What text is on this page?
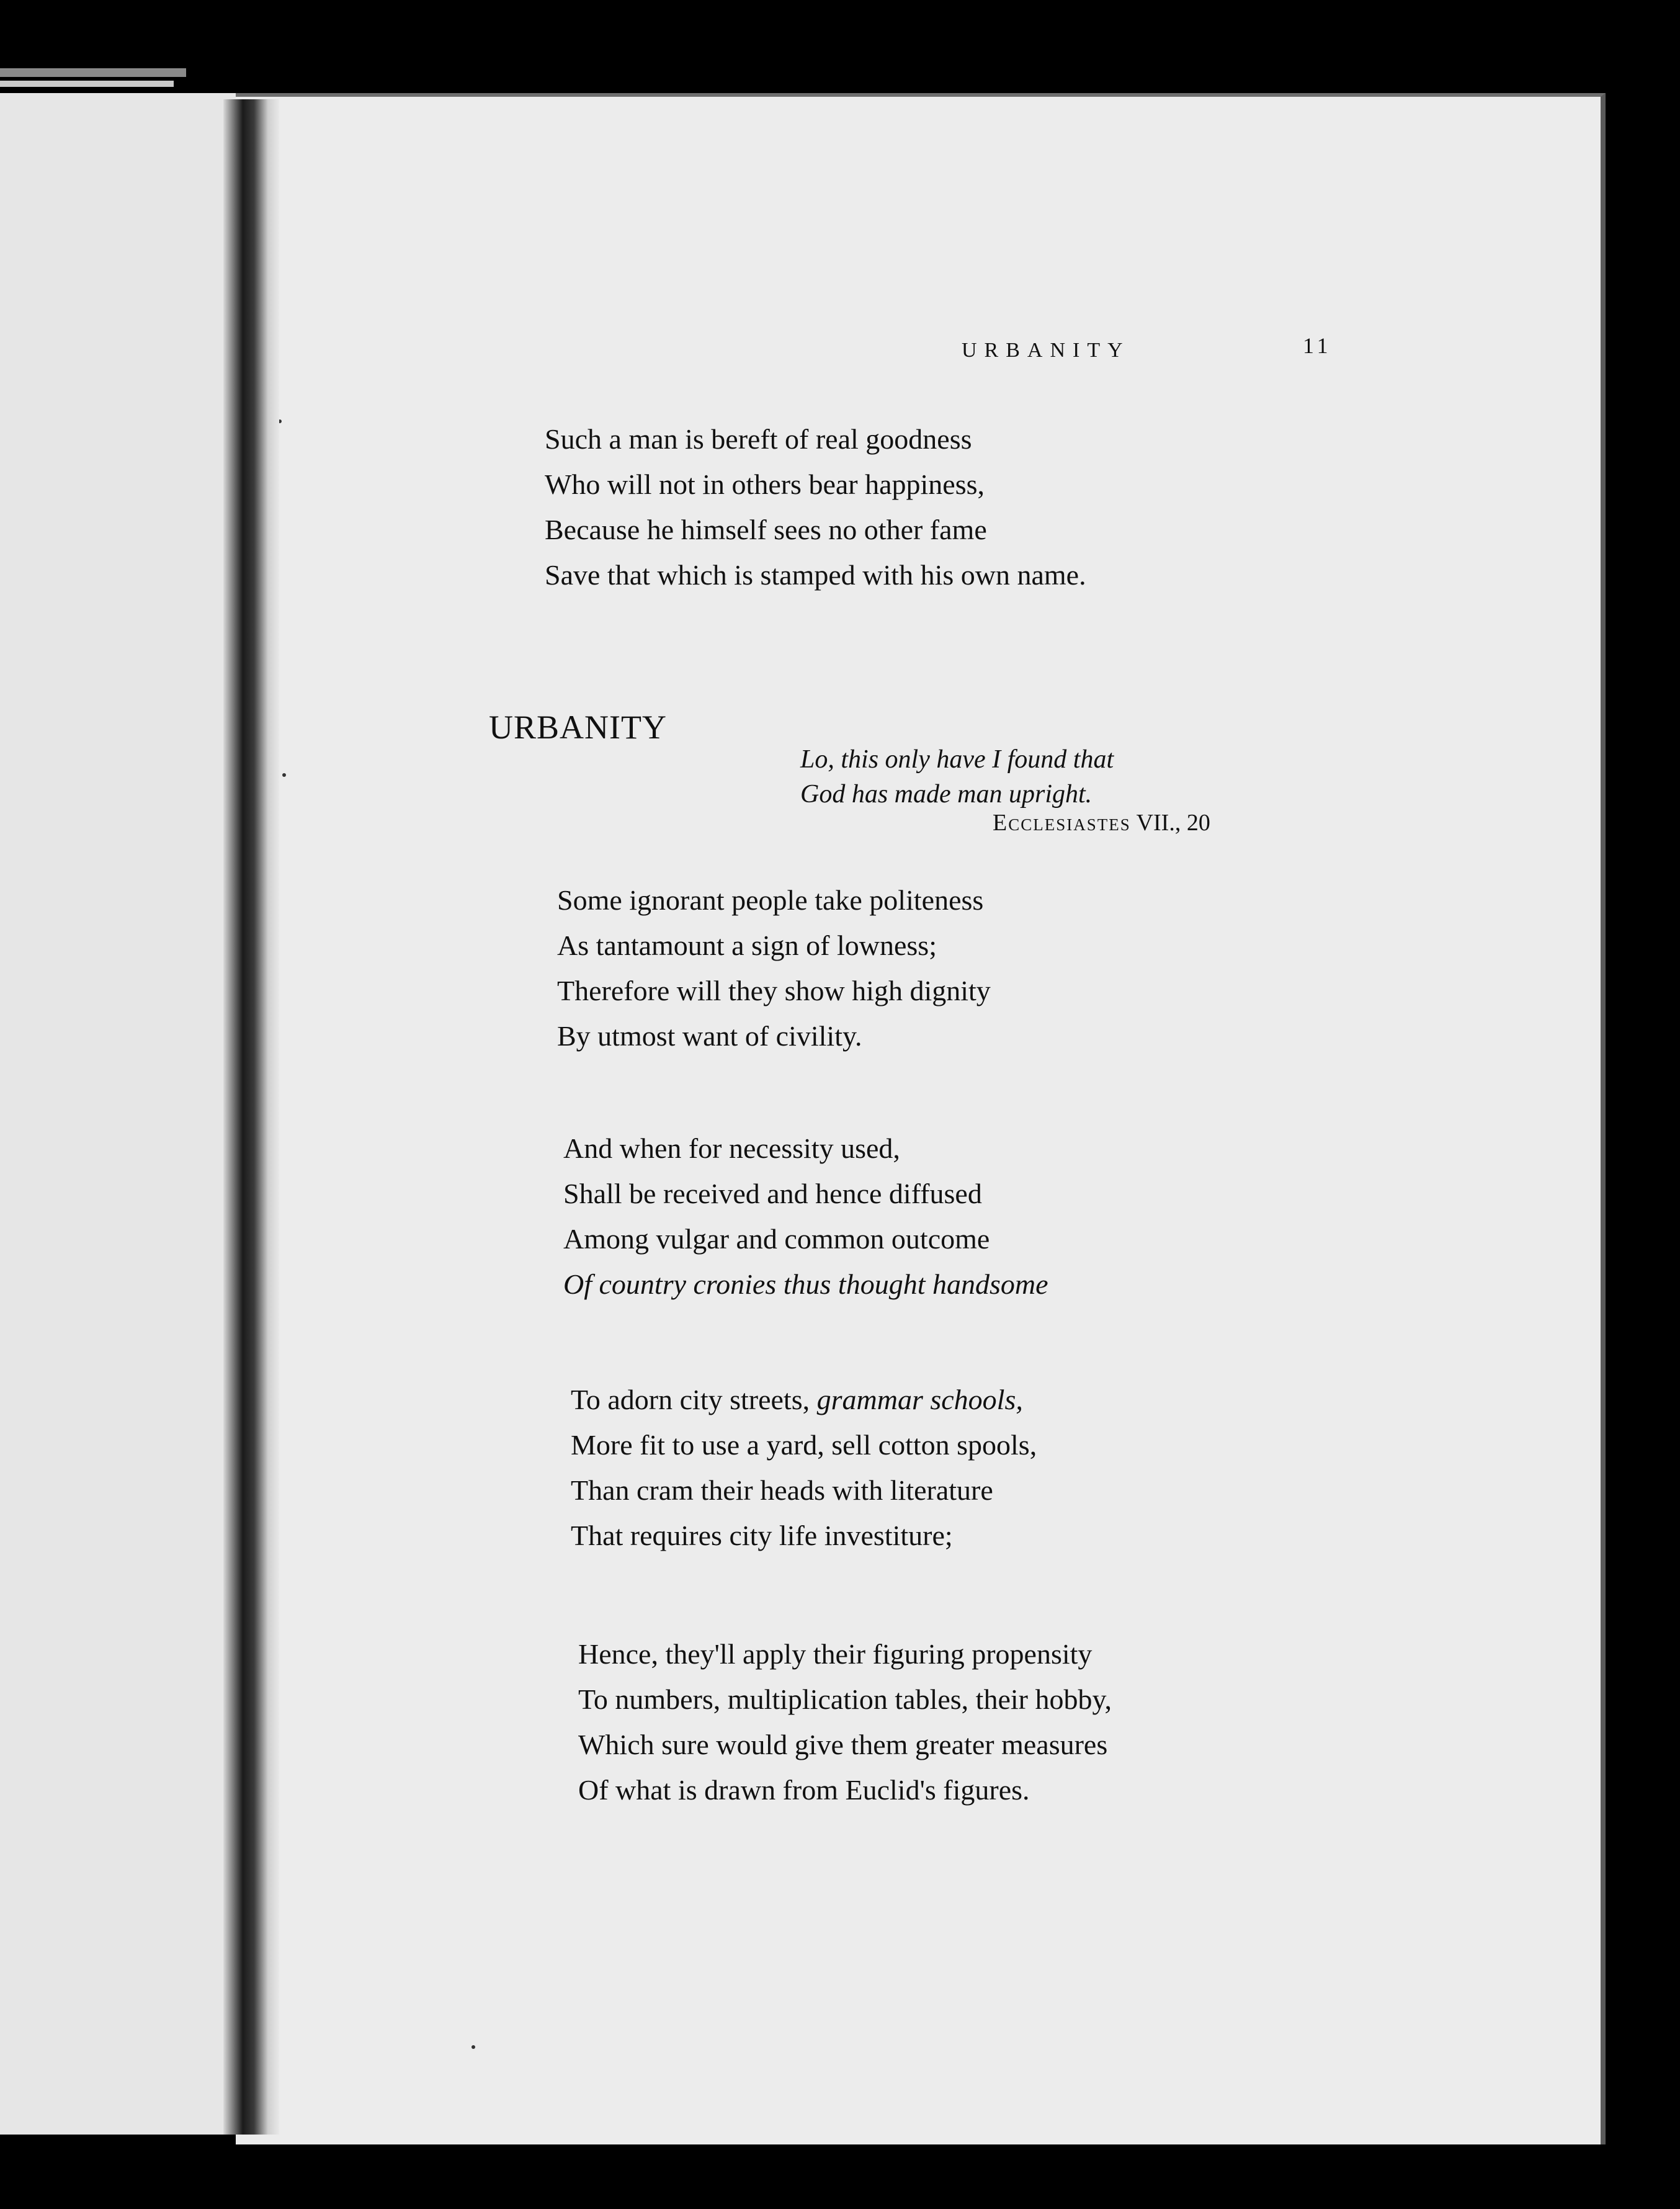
URBANITY	11
Such a man is bereft of real goodness
Who will not in others bear happiness,
Because he himself sees no other fame
Save that which is stamped with his own name.
URBANITY
Lo, this only have I found that
God has made man upright.
Ecclesiastes VII., 20
Some ignorant people take politeness
As tantamount a sign of lowness;
Therefore will they show high dignity
By utmost want of civility.
And when for necessity used,
Shall be received and hence diffused
Among vulgar and common outcome
Of country cronies thus thought handsome
To adorn city streets, grammar schools,
More fit to use a yard, sell cotton spools,
Than cram their heads with literature
That requires city life investiture;
Hence, they'll apply their figuring propensity
To numbers, multiplication tables, their hobby,
Which sure would give them greater measures
Of what is drawn from Euclid's figures.
